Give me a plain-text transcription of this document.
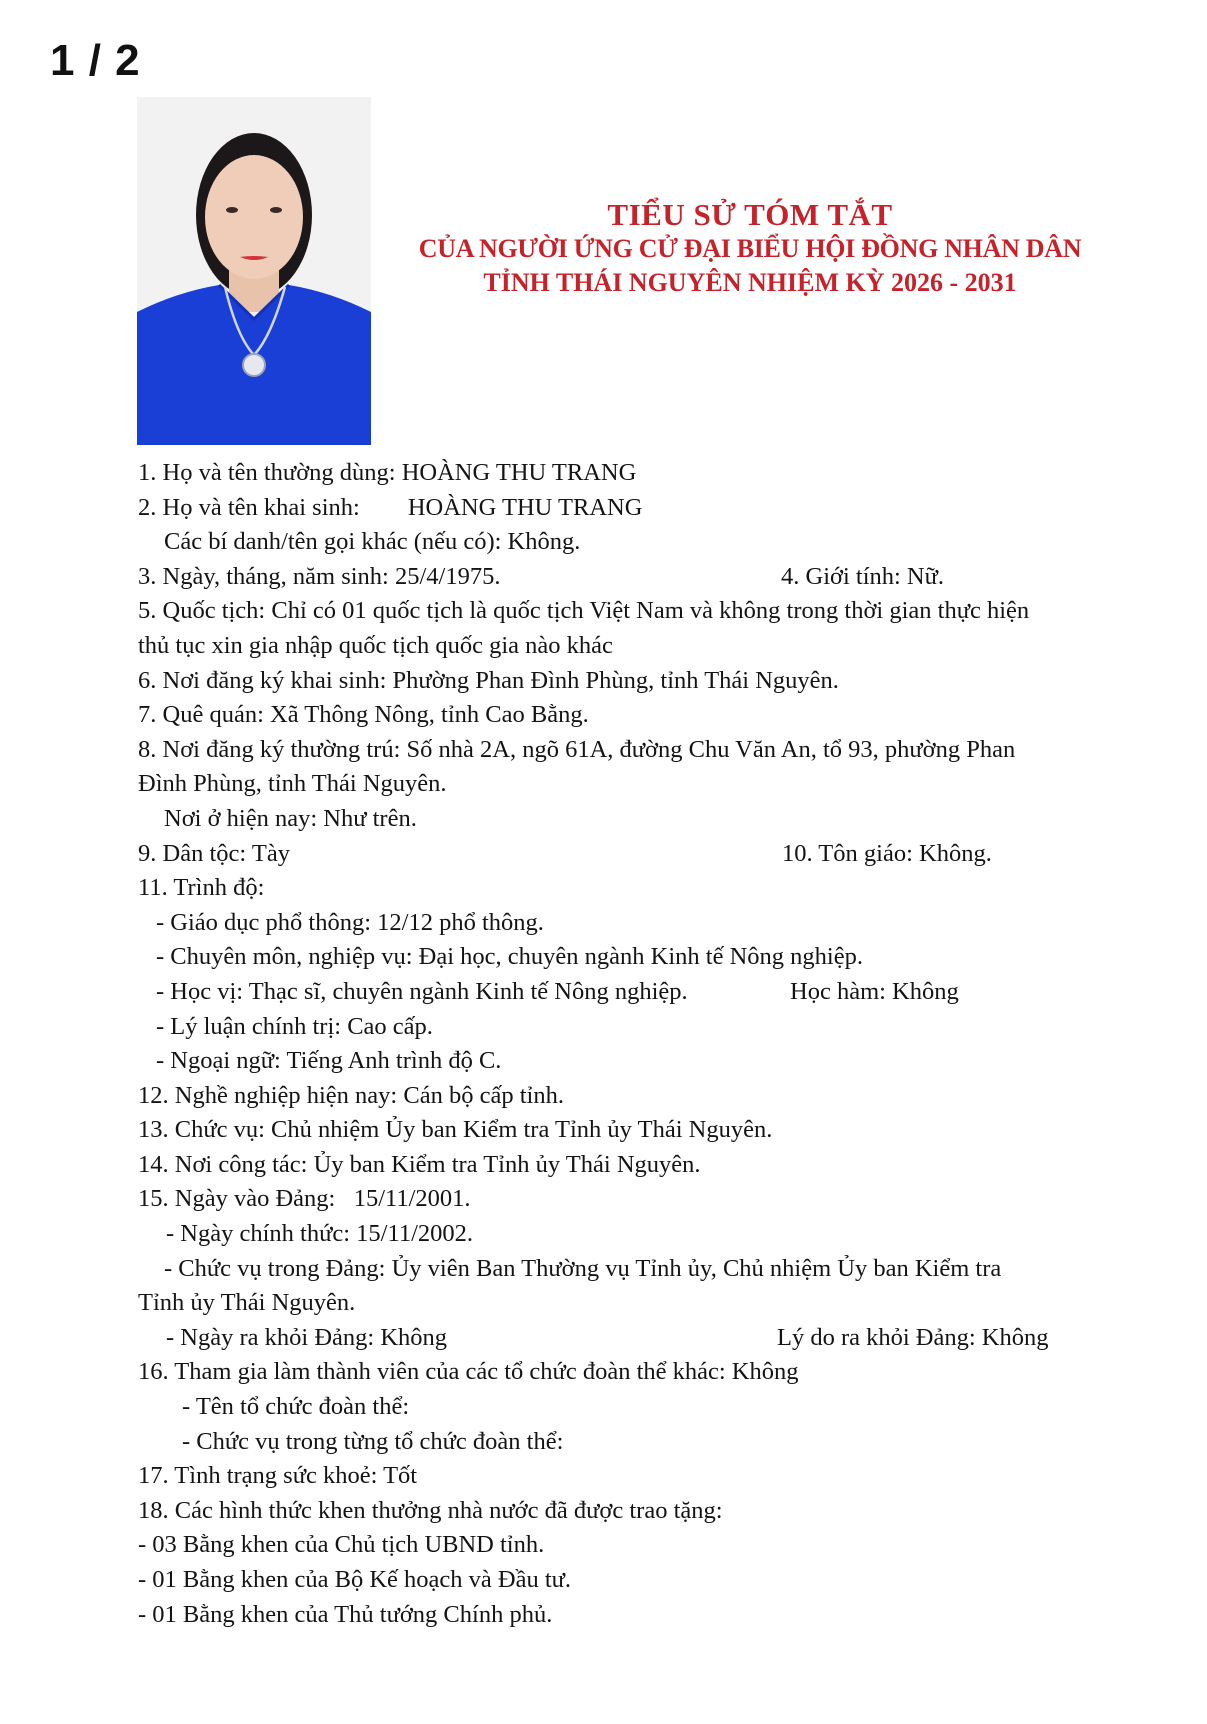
1 / 2
TIỂU SỬ TÓM TẮT
CỦA NGƯỜI ỨNG CỬ ĐẠI BIỂU HỘI ĐỒNG NHÂN DÂN
TỈNH THÁI NGUYÊN NHIỆM KỲ 2026 - 2031
1. Họ và tên thường dùng: HOÀNG THU TRANG
2. Họ và tên khai sinh: HOÀNG THU TRANG
Các bí danh/tên gọi khác (nếu có): Không.
3. Ngày, tháng, năm sinh: 25/4/1975.	4. Giới tính: Nữ.
5. Quốc tịch: Chỉ có 01 quốc tịch là quốc tịch Việt Nam và không trong thời gian thực hiện thủ tục xin gia nhập quốc tịch quốc gia nào khác
6. Nơi đăng ký khai sinh: Phường Phan Đình Phùng, tỉnh Thái Nguyên.
7. Quê quán: Xã Thông Nông, tỉnh Cao Bằng.
8. Nơi đăng ký thường trú: Số nhà 2A, ngõ 61A, đường Chu Văn An, tổ 93, phường Phan Đình Phùng, tỉnh Thái Nguyên.
Nơi ở hiện nay: Như trên.
9. Dân tộc: Tày	10. Tôn giáo: Không.
11. Trình độ:
- Giáo dục phổ thông: 12/12 phổ thông.
- Chuyên môn, nghiệp vụ: Đại học, chuyên ngành Kinh tế Nông nghiệp.
- Học vị: Thạc sĩ, chuyên ngành Kinh tế Nông nghiệp.	Học hàm: Không
- Lý luận chính trị: Cao cấp.
- Ngoại ngữ: Tiếng Anh trình độ C.
12. Nghề nghiệp hiện nay: Cán bộ cấp tỉnh.
13. Chức vụ: Chủ nhiệm Ủy ban Kiểm tra Tỉnh ủy Thái Nguyên.
14. Nơi công tác: Ủy ban Kiểm tra Tỉnh ủy Thái Nguyên.
15. Ngày vào Đảng:   15/11/2001.
- Ngày chính thức: 15/11/2002.
- Chức vụ trong Đảng: Ủy viên Ban Thường vụ Tỉnh ủy, Chủ nhiệm Ủy ban Kiểm tra Tỉnh ủy Thái Nguyên.
- Ngày ra khỏi Đảng: Không	Lý do ra khỏi Đảng: Không
16. Tham gia làm thành viên của các tổ chức đoàn thể khác: Không
- Tên tổ chức đoàn thể:
- Chức vụ trong từng tổ chức đoàn thể:
17. Tình trạng sức khoẻ: Tốt
18. Các hình thức khen thưởng nhà nước đã được trao tặng:
- 03 Bằng khen của Chủ tịch UBND tỉnh.
- 01 Bằng khen của Bộ Kế hoạch và Đầu tư.
- 01 Bằng khen của Thủ tướng Chính phủ.
